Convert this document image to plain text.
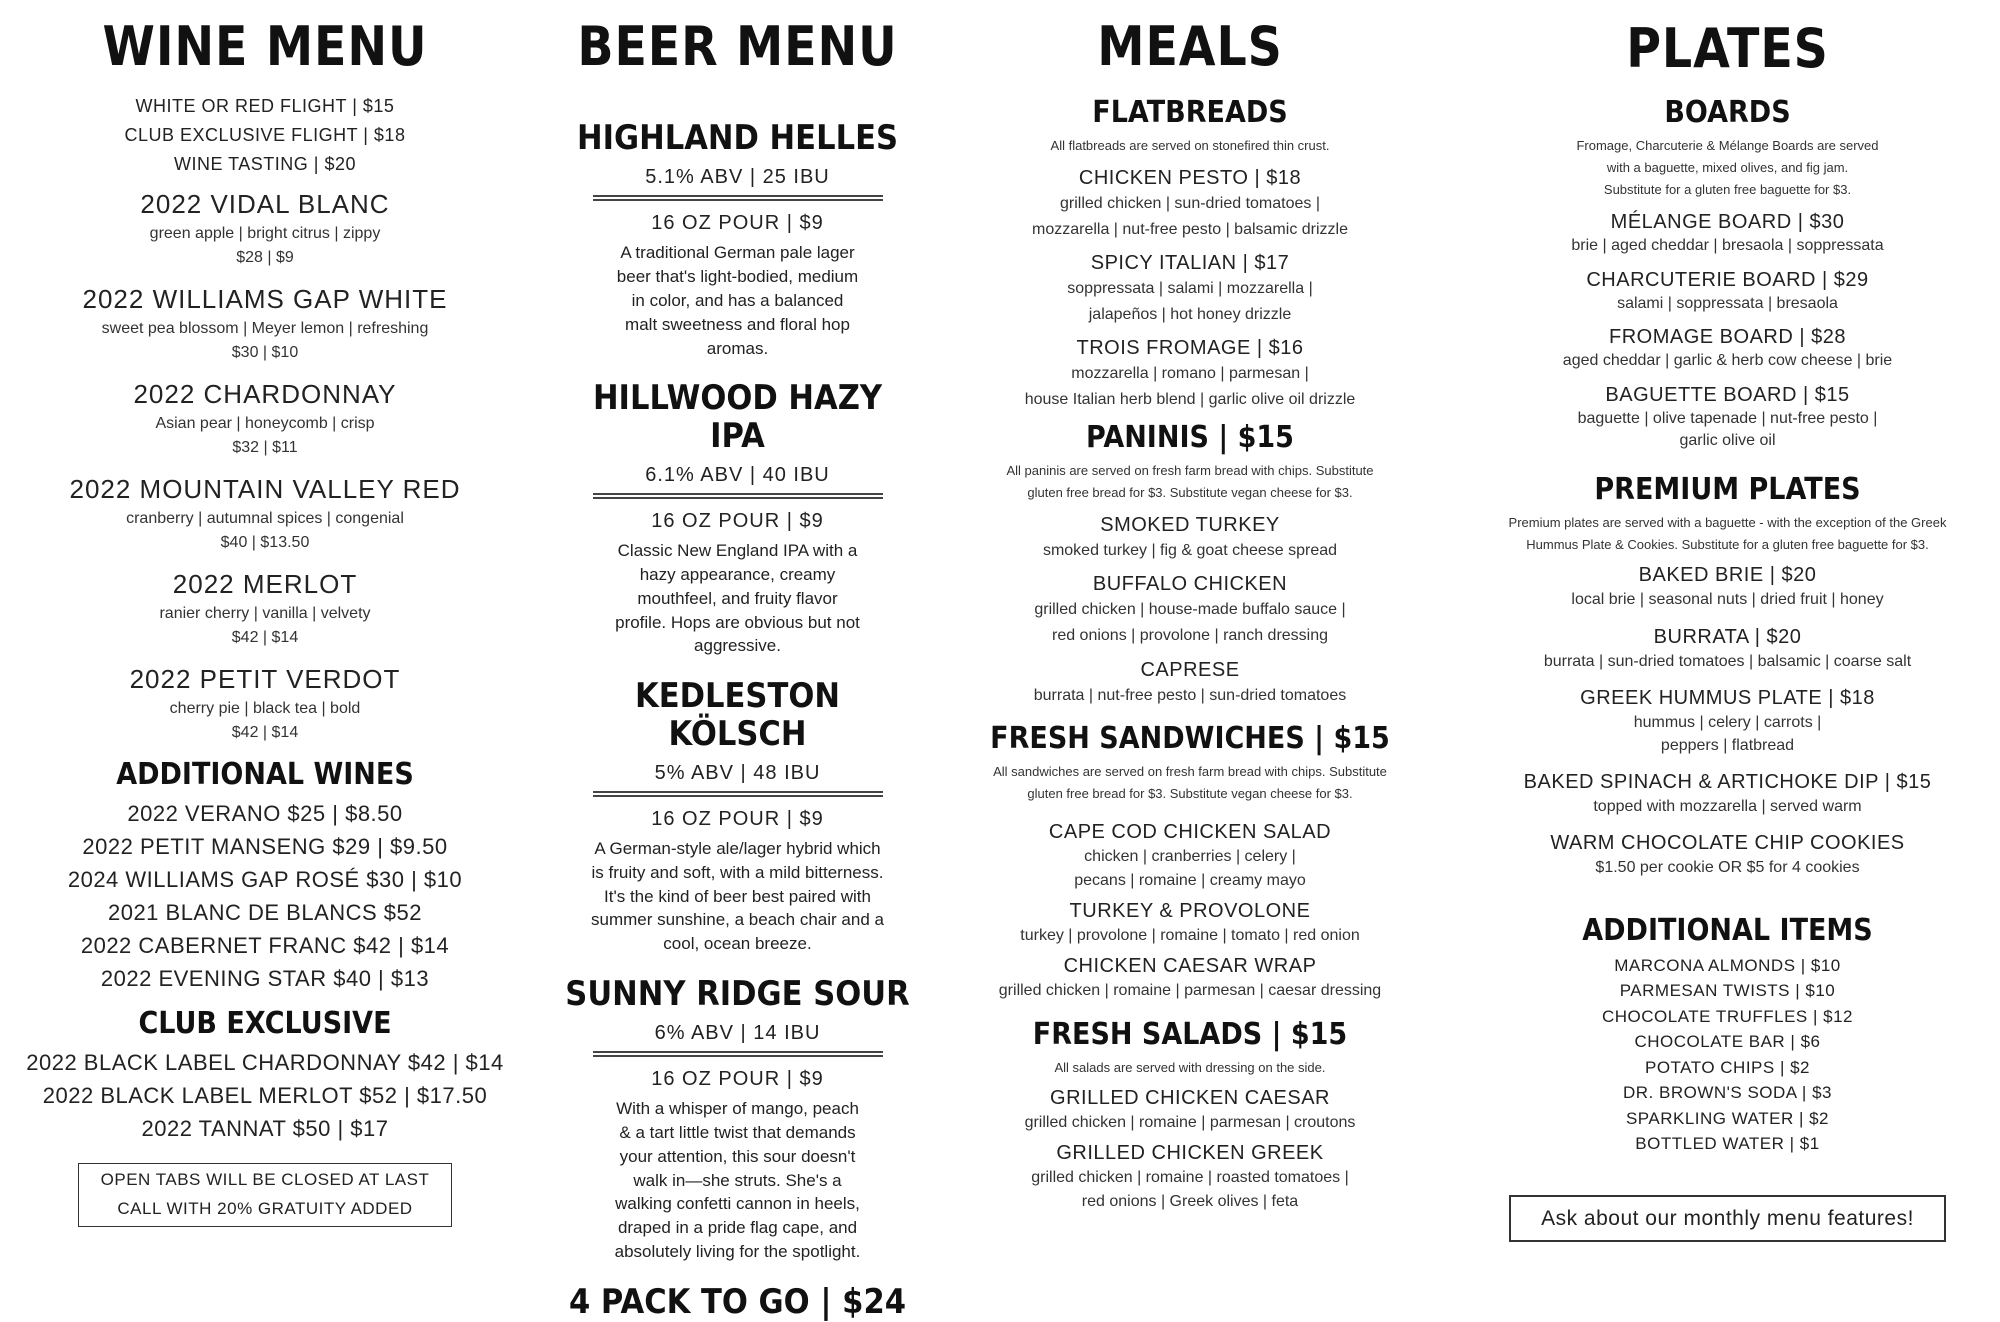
WINE MENU
WHITE OR RED FLIGHT | $15
CLUB EXCLUSIVE FLIGHT | $18
WINE TASTING | $20
2022 VIDAL BLANC
green apple | bright citrus | zippy
$28 | $9
2022 WILLIAMS GAP WHITE
sweet pea blossom | Meyer lemon | refreshing
$30 | $10
2022 CHARDONNAY
Asian pear | honeycomb | crisp
$32 | $11
2022 MOUNTAIN VALLEY RED
cranberry | autumnal spices | congenial
$40 | $13.50
2022 MERLOT
ranier cherry | vanilla | velvety
$42 | $14
2022 PETIT VERDOT
cherry pie | black tea | bold
$42 | $14
ADDITIONAL WINES
2022 VERANO $25 | $8.50
2022 PETIT MANSENG $29 | $9.50
2024 WILLIAMS GAP ROSÉ $30 | $10
2021 BLANC DE BLANCS $52
2022 CABERNET FRANC $42 | $14
2022 EVENING STAR $40 | $13
CLUB EXCLUSIVE
2022 BLACK LABEL CHARDONNAY $42 | $14
2022 BLACK LABEL MERLOT $52 | $17.50
2022 TANNAT $50 | $17
OPEN TABS WILL BE CLOSED AT LAST
CALL WITH 20% GRATUITY ADDED
BEER MENU
HIGHLAND HELLES
5.1% ABV | 25 IBU
16 OZ POUR | $9
A traditional German pale lager
beer that's light-bodied, medium
in color, and has a balanced
malt sweetness and floral hop
aromas.
HILLWOOD HAZY IPA
6.1% ABV | 40 IBU
16 OZ POUR | $9
Classic New England IPA with a
hazy appearance, creamy
mouthfeel, and fruity flavor
profile. Hops are obvious but not
aggressive.
KEDLESTON KÖLSCH
5% ABV | 48 IBU
16 OZ POUR | $9
A German-style ale/lager hybrid which
is fruity and soft, with a mild bitterness.
It's the kind of beer best paired with
summer sunshine, a beach chair and a
cool, ocean breeze.
SUNNY RIDGE SOUR
6% ABV | 14 IBU
16 OZ POUR | $9
With a whisper of mango, peach
& a tart little twist that demands
your attention, this sour doesn't
walk in—she struts. She's a
walking confetti cannon in heels,
draped in a pride flag cape, and
absolutely living for the spotlight.
4 PACK TO GO | $24
MEALS
FLATBREADS
All flatbreads are served on stonefired thin crust.
CHICKEN PESTO | $18
grilled chicken | sun-dried tomatoes |
mozzarella | nut-free pesto | balsamic drizzle
SPICY ITALIAN | $17
soppressata | salami | mozzarella |
jalapeños | hot honey drizzle
TROIS FROMAGE | $16
mozzarella | romano | parmesan |
house Italian herb blend | garlic olive oil drizzle
PANINIS | $15
All paninis are served on fresh farm bread with chips. Substitute
gluten free bread for $3. Substitute vegan cheese for $3.
SMOKED TURKEY
smoked turkey | fig & goat cheese spread
BUFFALO CHICKEN
grilled chicken | house-made buffalo sauce |
red onions | provolone | ranch dressing
CAPRESE
burrata | nut-free pesto | sun-dried tomatoes
FRESH SANDWICHES | $15
All sandwiches are served on fresh farm bread with chips. Substitute
gluten free bread for $3. Substitute vegan cheese for $3.
CAPE COD CHICKEN SALAD
chicken | cranberries | celery |
pecans | romaine | creamy mayo
TURKEY & PROVOLONE
turkey | provolone | romaine | tomato | red onion
CHICKEN CAESAR WRAP
grilled chicken | romaine | parmesan | caesar dressing
FRESH SALADS | $15
All salads are served with dressing on the side.
GRILLED CHICKEN CAESAR
grilled chicken | romaine | parmesan | croutons
GRILLED CHICKEN GREEK
grilled chicken | romaine | roasted tomatoes |
red onions | Greek olives | feta
PLATES
BOARDS
Fromage, Charcuterie & Mélange Boards are served
with a baguette, mixed olives, and fig jam.
Substitute for a gluten free baguette for $3.
MÉLANGE BOARD | $30
brie | aged cheddar | bresaola | soppressata
CHARCUTERIE BOARD | $29
salami | soppressata | bresaola
FROMAGE BOARD | $28
aged cheddar | garlic & herb cow cheese | brie
BAGUETTE BOARD | $15
baguette | olive tapenade | nut-free pesto |
garlic olive oil
PREMIUM PLATES
Premium plates are served with a baguette - with the exception of the Greek
Hummus Plate & Cookies. Substitute for a gluten free baguette for $3.
BAKED BRIE | $20
local brie | seasonal nuts | dried fruit | honey
BURRATA | $20
burrata | sun-dried tomatoes | balsamic | coarse salt
GREEK HUMMUS PLATE | $18
hummus | celery | carrots |
peppers | flatbread
BAKED SPINACH & ARTICHOKE DIP | $15
topped with mozzarella | served warm
WARM CHOCOLATE CHIP COOKIES
$1.50 per cookie OR $5 for 4 cookies
ADDITIONAL ITEMS
MARCONA ALMONDS | $10
PARMESAN TWISTS | $10
CHOCOLATE TRUFFLES | $12
CHOCOLATE BAR | $6
POTATO CHIPS | $2
DR. BROWN'S SODA | $3
SPARKLING WATER | $2
BOTTLED WATER | $1
Ask about our monthly menu features!
